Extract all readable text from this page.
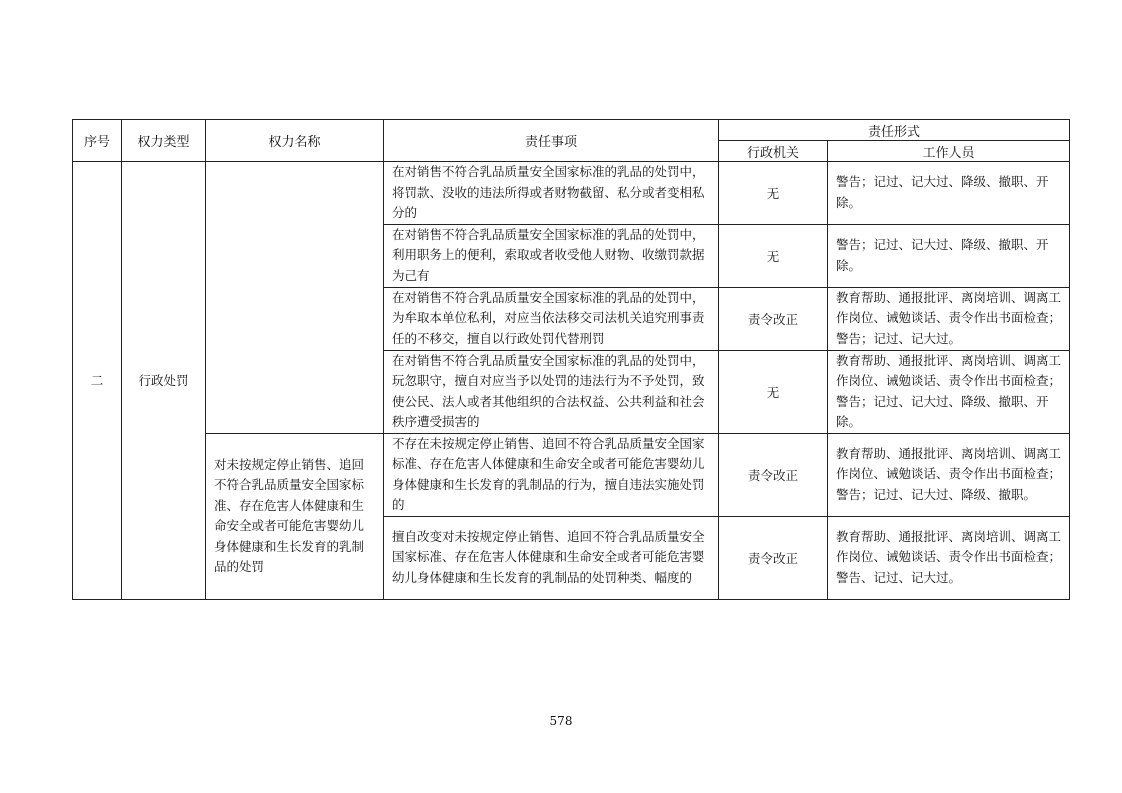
序号	权力类型	权力名称	责任事项	责任形式	
				行政机关	工作人员
二	行政处罚		在对销售不符合乳品质量安全国家标准的乳品的处罚中，将罚款、没收的违法所得或者财物截留、私分或者变相私分的	无	警告；记过、记大过、降级、撤职、开除。
			在对销售不符合乳品质量安全国家标准的乳品的处罚中，利用职务上的便利，索取或者收受他人财物、收缴罚款据为己有	无	警告；记过、记大过、降级、撤职、开除。
			在对销售不符合乳品质量安全国家标准的乳品的处罚中，为牟取本单位私利，对应当依法移交司法机关追究刑事责任的不移交，擅自以行政处罚代替刑罚	责令改正	教育帮助、通报批评、离岗培训、调离工作岗位、诫勉谈话、责令作出书面检查；警告；记过、记大过。
			在对销售不符合乳品质量安全国家标准的乳品的处罚中，玩忽职守，擅自对应当予以处罚的违法行为不予处罚，致使公民、法人或者其他组织的合法权益、公共利益和社会秩序遭受损害的	无	教育帮助、通报批评、离岗培训、调离工作岗位、诫勉谈话、责令作出书面检查；警告；记过、记大过、降级、撤职、开除。
		对未按规定停止销售、追回不符合乳品质量安全国家标准、存在危害人体健康和生命安全或者可能危害婴幼儿身体健康和生长发育的乳制品的处罚	不存在未按规定停止销售、追回不符合乳品质量安全国家标准、存在危害人体健康和生命安全或者可能危害婴幼儿身体健康和生长发育的乳制品的行为，擅自违法实施处罚的	责令改正	教育帮助、通报批评、离岗培训、调离工作岗位、诫勉谈话、责令作出书面检查；警告；记过、记大过、降级、撤职。
			擅自改变对未按规定停止销售、追回不符合乳品质量安全国家标准、存在危害人体健康和生命安全或者可能危害婴幼儿身体健康和生长发育的乳制品的处罚种类、幅度的	责令改正	教育帮助、通报批评、离岗培训、调离工作岗位、诫勉谈话、责令作出书面检查；警告、记过、记大过。
578
